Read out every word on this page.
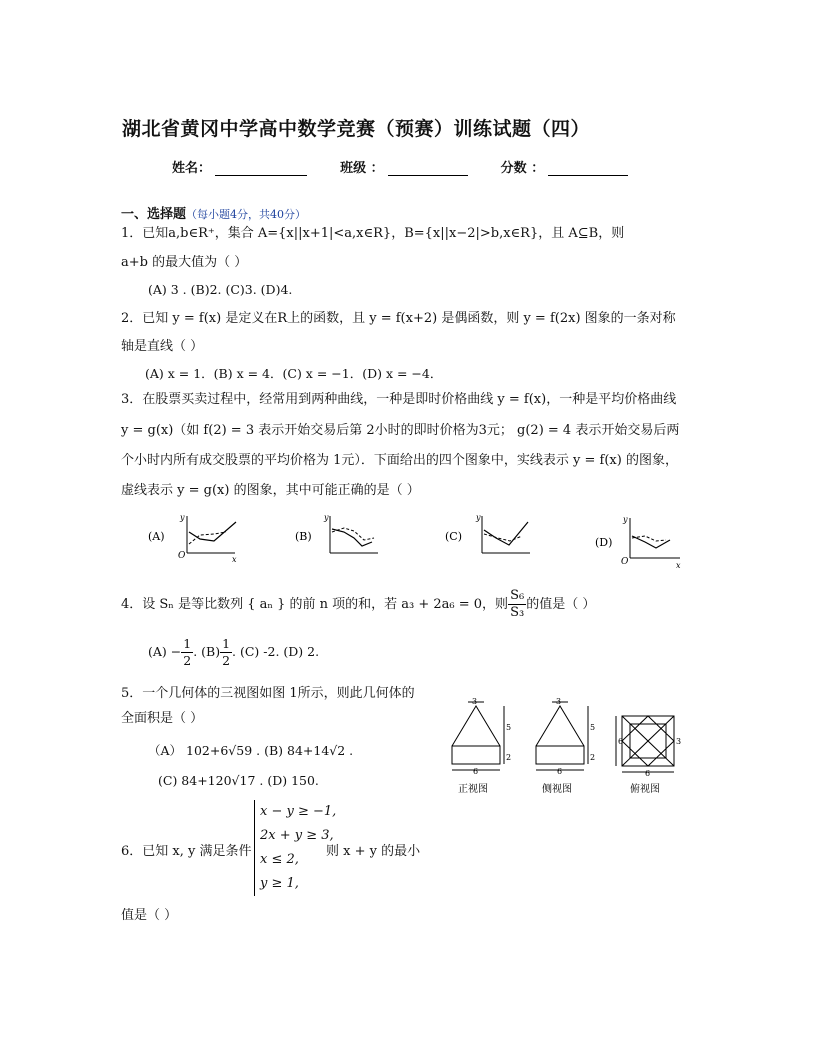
湖北省黄冈中学高中数学竞赛（预赛）训练试题（四）
姓名：	班级 ：	分数 ：
一、选择题（每小题4分，共40分）
1．已知a,b∈R⁺，集合 A={x||x+1|<a,x∈R}，B={x||x−2|>b,x∈R}，且 A⊆B，则
a+b 的最大值为（ ）
(A) 3 . (B)2. (C)3. (D)4.
2．已知 y = f(x) 是定义在R上的函数，且 y = f(x+2) 是偶函数，则 y = f(2x) 图象的一条对称
轴是直线（ ）
(A) x = 1．(B) x = 4．(C) x = −1．(D) x = −4．
3．在股票买卖过程中，经常用到两种曲线，一种是即时价格曲线 y = f(x)，一种是平均价格曲线
y = g(x)（如 f(2) = 3 表示开始交易后第 2小时的即时价格为3元； g(2) = 4 表示开始交易后两
个小时内所有成交股票的平均价格为 1元）．下面给出的四个图象中，实线表示 y = f(x) 的图象，
虚线表示 y = g(x) 的图象，其中可能正确的是（ ）
(A)
y
O	x
(B)
y
(C)
y
(D)
y
O	x
4．设 Sₙ 是等比数列 { aₙ } 的前 n 项的和，若 a₃ + 2a₆ = 0，则 $\frac{\text{S₆}}{\text{S₃}}$ 的值是（ ）
$(A) - \frac{1}{2}$ . $(B) \frac{1}{2}$ . (C) -2. (D) 2.
5．一个几何体的三视图如图 1所示，则此几何体的
全面积是（ ）
（A） 102+6√59 . (B) 84+14√2 .
(C) 84+120√17 . (D) 150.
3
5
2
6
3
5
2
6
6	3
6
正视图	侧视图	俯视图
6．已知 x, y 满足条件
x − y ≥ −1,
2x + y ≥ 3,
x ≤ 2,
y ≥ 1,
则 x + y 的最小
值是（ ）
